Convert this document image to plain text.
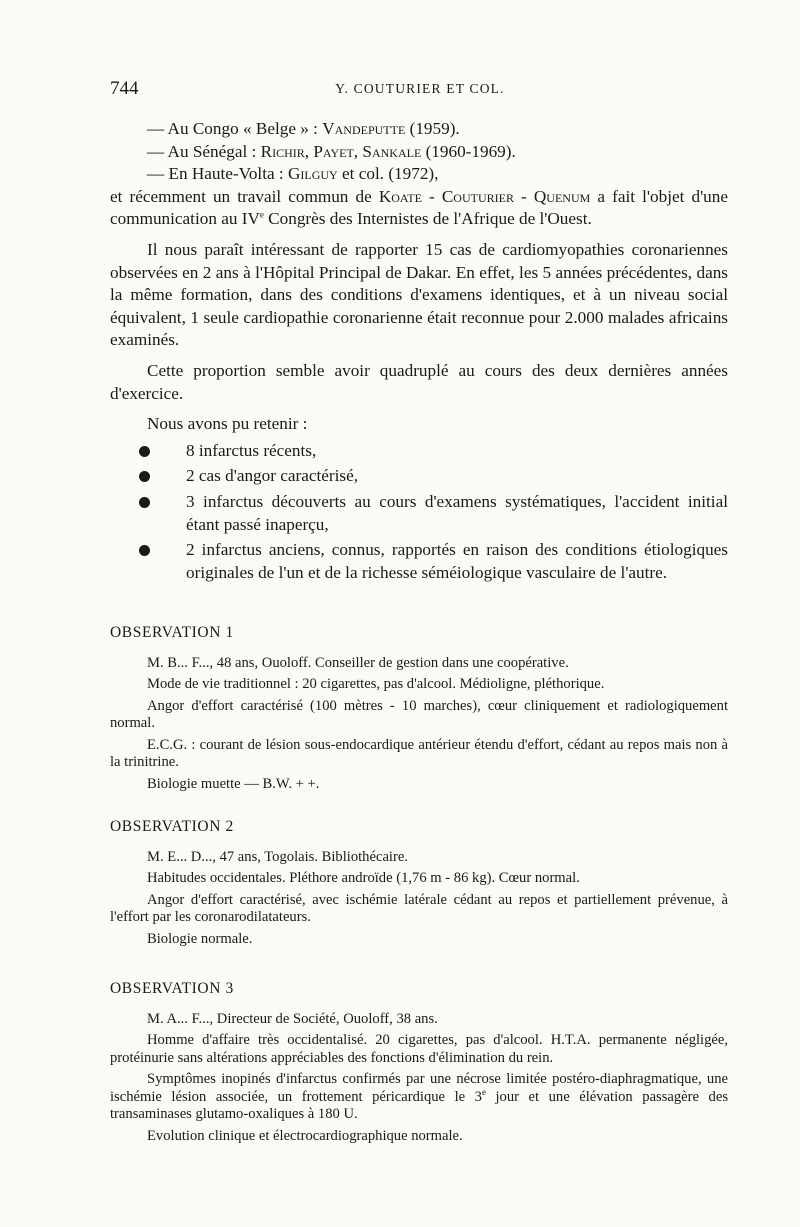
744	Y. COUTURIER ET COL.

— Au Congo « Belge » : Vandeputte (1959).

— Au Sénégal : Richir, Payet, Sankale (1960-1969).

— En Haute-Volta : Gilguy et col. (1972),

et récemment un travail commun de Koate - Couturier - Quenum a fait l'objet d'une communication au IVe Congrès des Internistes de l'Afrique de l'Ouest.

Il nous paraît intéressant de rapporter 15 cas de cardiomyopathies coronariennes observées en 2 ans à l'Hôpital Principal de Dakar. En effet, les 5 années précédentes, dans la même formation, dans des conditions d'examens identiques, et à un niveau social équivalent, 1 seule cardiopathie coronarienne était reconnue pour 2.000 malades africains examinés.

Cette proportion semble avoir quadruplé au cours des deux dernières années d'exercice.

Nous avons pu retenir :

8 infarctus récents,
2 cas d'angor caractérisé,
3 infarctus découverts au cours d'examens systématiques, l'accident initial étant passé inaperçu,
2 infarctus anciens, connus, rapportés en raison des conditions étiologiques originales de l'un et de la richesse séméiologique vasculaire de l'autre.
OBSERVATION 1

M. B... F..., 48 ans, Ouoloff. Conseiller de gestion dans une coopérative.

Mode de vie traditionnel : 20 cigarettes, pas d'alcool. Médioligne, pléthorique.

Angor d'effort caractérisé (100 mètres - 10 marches), cœur cliniquement et radiologiquement normal.

E.C.G. : courant de lésion sous-endocardique antérieur étendu d'effort, cédant au repos mais non à la trinitrine.

Biologie muette — B.W. + +.

OBSERVATION 2

M. E... D..., 47 ans, Togolais. Bibliothécaire.

Habitudes occidentales. Pléthore androïde (1,76 m - 86 kg). Cœur normal.

Angor d'effort caractérisé, avec ischémie latérale cédant au repos et partiellement prévenue, à l'effort par les coronarodilatateurs.

Biologie normale.

OBSERVATION 3

M. A... F..., Directeur de Société, Ouoloff, 38 ans.

Homme d'affaire très occidentalisé. 20 cigarettes, pas d'alcool. H.T.A. permanente négligée, protéinurie sans altérations appréciables des fonctions d'élimination du rein.

Symptômes inopinés d'infarctus confirmés par une nécrose limitée postéro-diaphragmatique, une ischémie lésion associée, un frottement péricardique le 3e jour et une élévation passagère des transaminases glutamo-oxaliques à 180 U.

Evolution clinique et électrocardiographique normale.
